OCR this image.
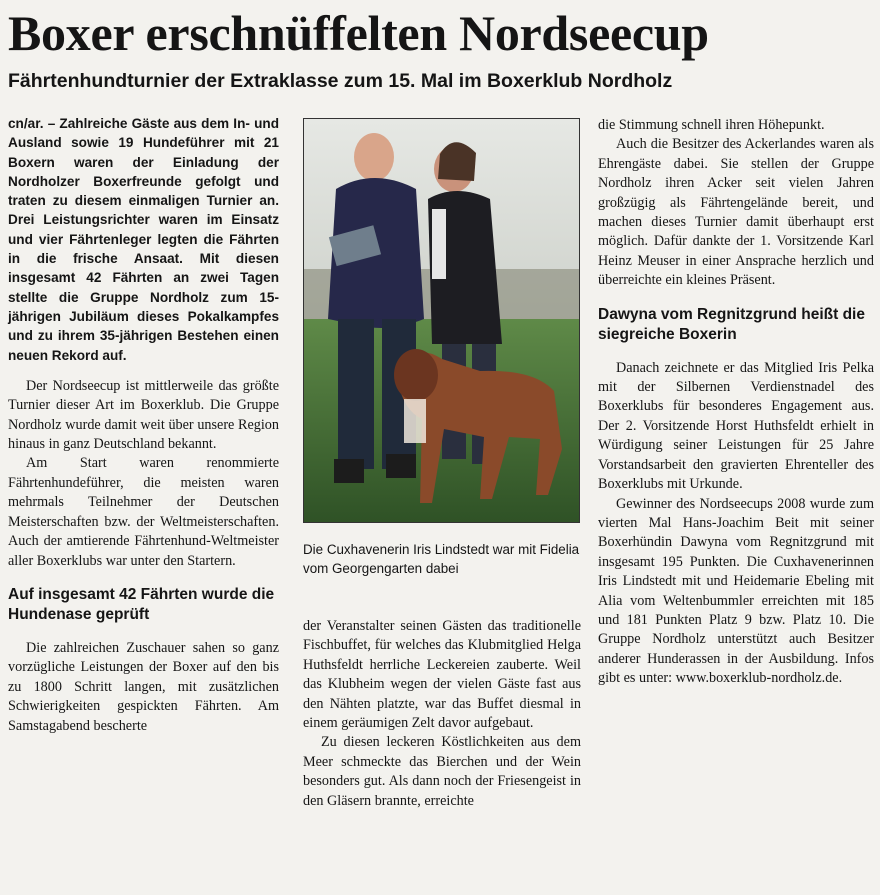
Boxer erschnüffelten Nordseecup
Fährtenhundturnier der Extraklasse zum 15. Mal im Boxerklub Nordholz

cn/ar. – Zahlreiche Gäste aus dem In- und Ausland sowie 19 Hundeführer mit 21 Boxern waren der Einladung der Nordholzer Boxerfreunde gefolgt und traten zu diesem einmaligen Turnier an. Drei Leistungsrichter waren im Einsatz und vier Fährtenleger legten die Fährten in die frische Ansaat. Mit diesen insgesamt 42 Fährten an zwei Tagen stellte die Gruppe Nordholz zum 15-jährigen Jubiläum dieses Pokalkampfes und zu ihrem 35-jährigen Bestehen einen neuen Rekord auf.

Der Nordseecup ist mittlerweile das größte Turnier dieser Art im Boxerklub. Die Gruppe Nordholz wurde damit weit über unsere Region hinaus in ganz Deutschland bekannt.

Am Start waren renommierte Fährtenhundeführer, die meisten waren mehrmals Teilnehmer der Deutschen Meisterschaften bzw. der Weltmeisterschaften. Auch der amtierende Fährtenhund-Weltmeister aller Boxerklubs war unter den Startern.

Auf insgesamt 42 Fährten wurde die Hundenase geprüft

Die zahlreichen Zuschauer sahen so ganz vorzügliche Leistungen der Boxer auf den bis zu 1800 Schritt langen, mit zusätzlichen Schwierigkeiten gespickten Fährten. Am Samstagabend bescherte

Die Cuxhavenerin Iris Lindstedt war mit Fidelia vom Georgengarten dabei

der Veranstalter seinen Gästen das traditionelle Fischbuffet, für welches das Klubmitglied Helga Huthsfeldt herrliche Leckereien zauberte. Weil das Klubheim wegen der vielen Gäste fast aus den Nähten platzte, war das Buffet diesmal in einem geräumigen Zelt davor aufgebaut.

Zu diesen leckeren Köstlichkeiten aus dem Meer schmeckte das Bierchen und der Wein besonders gut. Als dann noch der Friesengeist in den Gläsern brannte, erreichte

die Stimmung schnell ihren Höhepunkt.

Auch die Besitzer des Ackerlandes waren als Ehrengäste dabei. Sie stellen der Gruppe Nordholz ihren Acker seit vielen Jahren großzügig als Fährtengelände bereit, und machen dieses Turnier damit überhaupt erst möglich. Dafür dankte der 1. Vorsitzende Karl Heinz Meuser in einer Ansprache herzlich und überreichte ein kleines Präsent.

Dawyna vom Regnitzgrund heißt die siegreiche Boxerin

Danach zeichnete er das Mitglied Iris Pelka mit der Silbernen Verdienstnadel des Boxerklubs für besonderes Engagement aus. Der 2. Vorsitzende Horst Huthsfeldt erhielt in Würdigung seiner Leistungen für 25 Jahre Vorstandsarbeit den gravierten Ehrenteller des Boxerklubs mit Urkunde.

Gewinner des Nordseecups 2008 wurde zum vierten Mal Hans-Joachim Beit mit seiner Boxerhündin Dawyna vom Regnitzgrund mit insgesamt 195 Punkten. Die Cuxhavenerinnen Iris Lindstedt mit und Heidemarie Ebeling mit Alia vom Weltenbummler erreichten mit 185 und 181 Punkten Platz 9 bzw. Platz 10. Die Gruppe Nordholz unterstützt auch Besitzer anderer Hunderassen in der Ausbildung. Infos gibt es unter: www.boxerklub-nordholz.de.
